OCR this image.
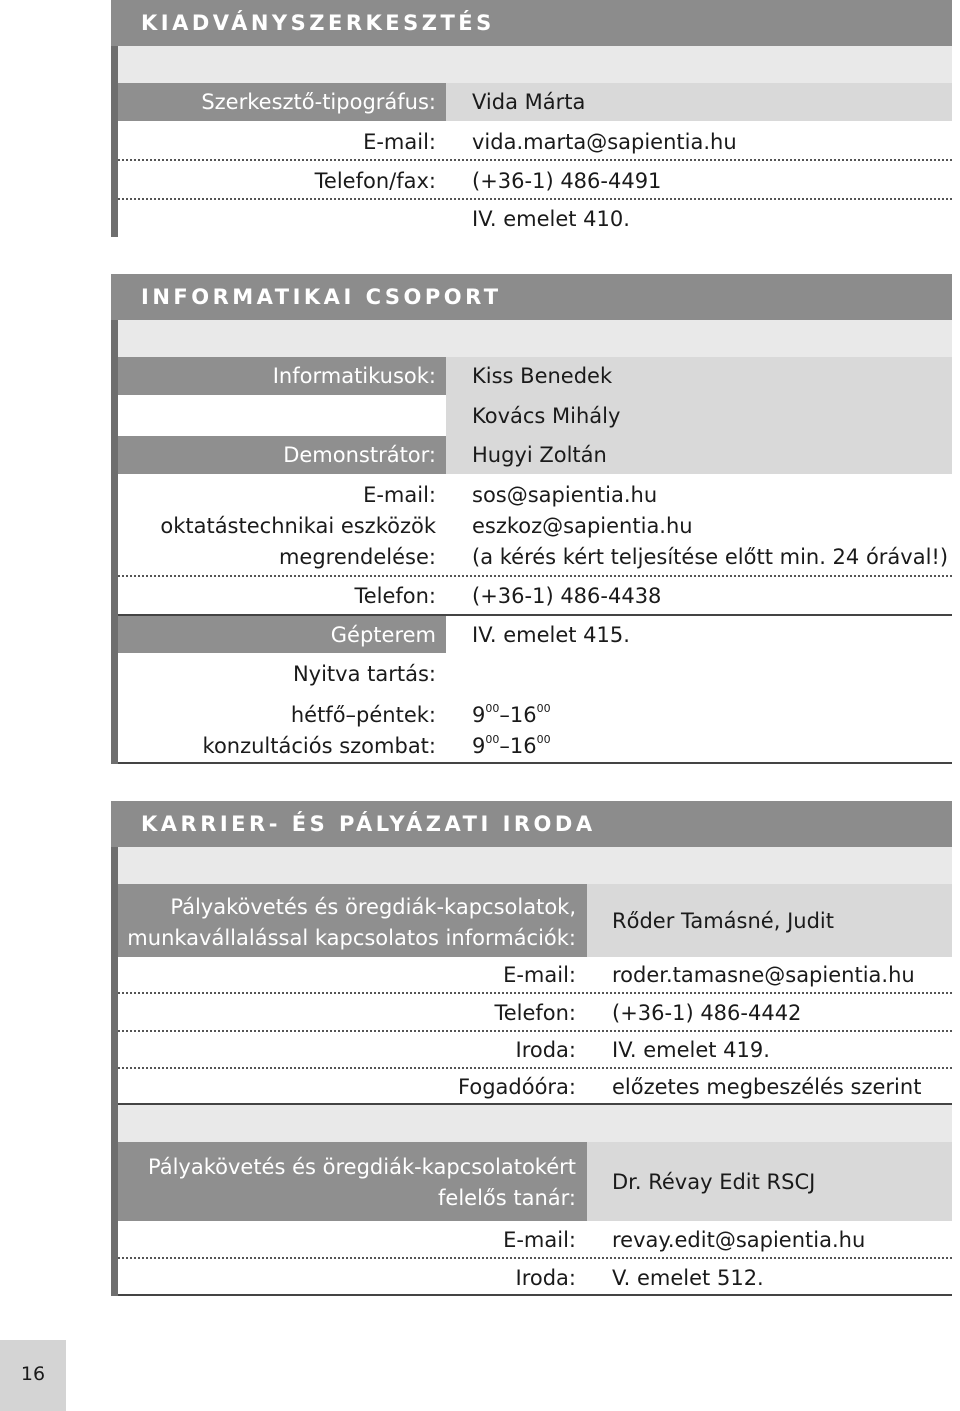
KIADVÁNYSZERKESZTÉS
Szerkesztő-tipográfus: Vida Márta
E-mail: vida.marta@sapientia.hu
Telefon/fax: (+36-1) 486-4491
IV. emelet 410.
INFORMATIKAI CSOPORT
Informatikusok: Kiss Benedek
Kovács Mihály
Demonstrátor: Hugyi Zoltán
E-mail: sos@sapientia.hu
oktatástechnikai eszközök eszkoz@sapientia.hu
megrendelése: (a kérés kért teljesítése előtt min. 24 órával!)
Telefon: (+36-1) 486-4438
Gépterem IV. emelet 415.
Nyitva tartás:
hétfő–péntek: $9^{00}-16^{00}$
konzultációs szombat: $9^{00}-16^{00}$
KARRIER- ÉS PÁLYÁZATI IRODA
Pályakövetés és öregdiák-kapcsolatok,
munkavállalással kapcsolatos információk:
Rőder Tamásné, Judit
E-mail: roder.tamasne@sapientia.hu
Telefon: (+36-1) 486-4442
Iroda: IV. emelet 419.
Fogadóóra: előzetes megbeszélés szerint
Pályakövetés és öregdiák-kapcsolatokért
felelős tanár:
Dr. Révay Edit RSCJ
E-mail: revay.edit@sapientia.hu
Iroda: V. emelet 512.
16
